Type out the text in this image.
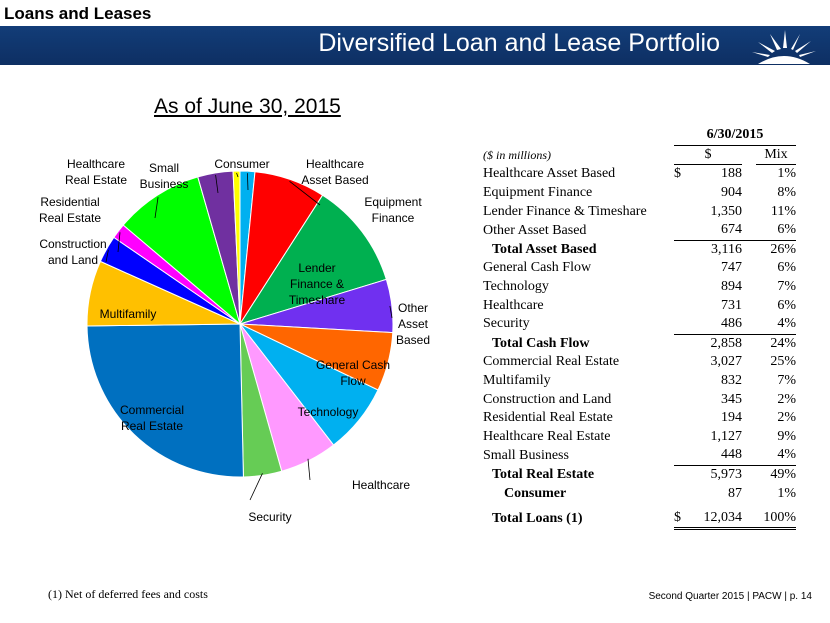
Loans and Leases
Diversified Loan and Lease Portfolio
As of June 30, 2015
Healthcare Asset Based
Equipment Finance
Lender Finance & Timeshare
Other Asset Based
General Cash Flow
Technology
Healthcare
Security
Commercial Real Estate
Multifamily
Construction and Land
Residential Real Estate
Healthcare Real Estate
Small Business
Consumer
	6/30/2015			
($ in millions)	$			Mix
Healthcare Asset Based	$	188		1%
Equipment Finance		904		8%
Lender Finance & Timeshare		1,350		11%
Other Asset Based		674		6%
Total Asset Based		3,116		26%
General Cash Flow		747		6%
Technology		894		7%
Healthcare		731		6%
Security		486		4%
Total Cash Flow		2,858		24%
Commercial Real Estate		3,027		25%
Multifamily		832		7%
Construction and Land		345		2%
Residential Real Estate		194		2%
Healthcare Real Estate		1,127		9%
Small Business		448		4%
Total Real Estate		5,973		49%
Consumer		87		1%
Total Loans (1)	$	12,034		100%
(1) Net of deferred fees and costs	Second Quarter 2015 | PACW | p. 14
